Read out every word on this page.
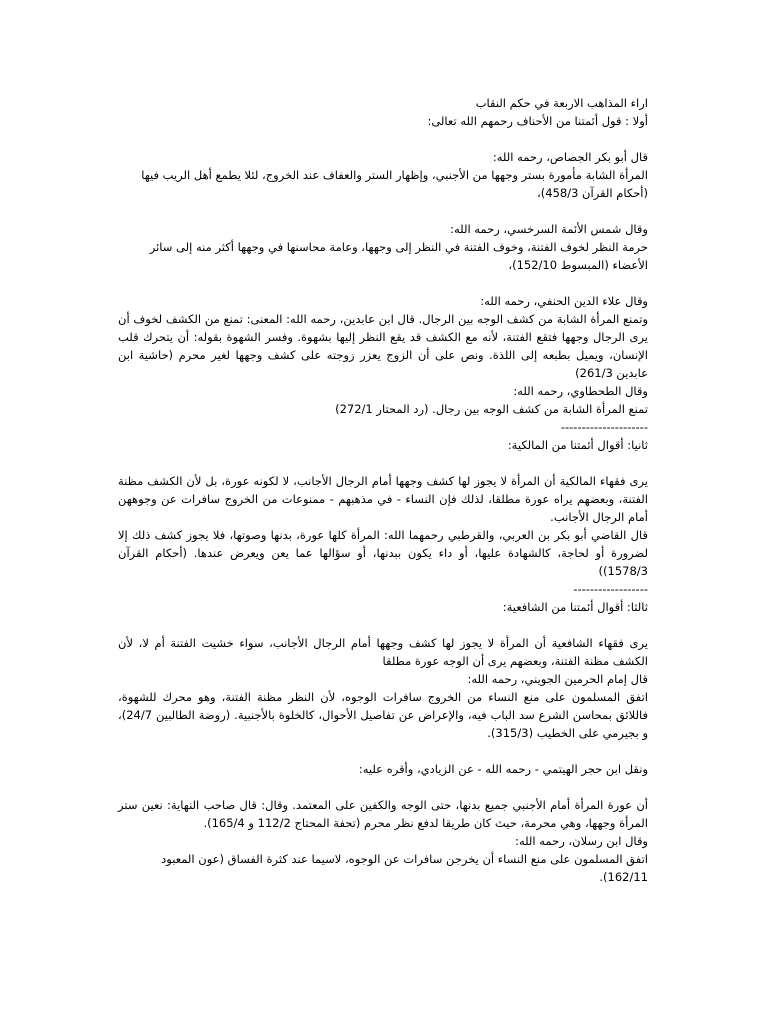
اراء المذاهب الاربعة في حكم النقاب
أولا : قول أئمتنا من الأحناف رحمهم الله تعالى:
قال أبو بكر الجصاص، رحمه الله:
المرأة الشابة مأمورة بستر وجهها من الأجنبي، وإظهار الستر والعفاف عند الخروج، لئلا يطمع أهل الريب فيها (أحكام القرآن 458/3)،
وقال شمس الأئمة السرخسي، رحمه الله:
حرمة النظر لخوف الفتنة، وخوف الفتنة في النظر إلى وجهها، وعامة محاسنها في وجهها أكثر منه إلى سائر الأعضاء (المبسوط 152/10)،
وقال علاء الدين الحنفي، رحمه الله:
وتمنع المرأة الشابة من كشف الوجه بين الرجال. قال ابن عابدين، رحمه الله: المعنى: تمنع من الكشف لخوف أن يرى الرجال وجهها فتقع الفتنة، لأنه مع الكشف قد يقع النظر إليها بشهوة. وفسر الشهوة بقوله: أن يتحرك قلب الإنسان، ويميل بطبعه إلى اللذة. ونص على أن الزوج يعزر زوجته على كشف وجهها لغير محرم (حاشية ابن عابدين 261/3)
وقال الطحطاوي، رحمه الله:
تمنع المرأة الشابة من كشف الوجه بين رجال. (رد المحتار 272/1)
---------------------
ثانيا: أقوال أئمتنا من المالكية:
يرى فقهاء المالكية أن المرأة لا يجوز لها كشف وجهها أمام الرجال الأجانب، لا لكونه عورة، بل لأن الكشف مظنة الفتنة، وبعضهم يراه عورة مطلقا، لذلك فإن النساء - في مذهبهم - ممنوعات من الخروج سافرات عن وجوههن أمام الرجال الأجانب.
قال القاضي أبو بكر بن العربي، والقرطبي رحمهما الله: المرأة كلها عورة، بدنها وصوتها، فلا يجوز كشف ذلك إلا لضرورة أو لحاجة، كالشهادة عليها، أو داء يكون ببدنها، أو سؤالها عما يعن ويعرض عندها. (أحكام القرآن 1578/3))
------------------
ثالثا: أقوال أئمتنا من الشافعية:
يرى فقهاء الشافعية أن المرأة لا يجوز لها كشف وجهها أمام الرجال الأجانب، سواء خشيت الفتنة أم لا، لأن الكشف مظنة الفتنة، وبعضهم يرى أن الوجه عورة مطلقا
قال إمام الحرمين الجويني، رحمه الله:
اتفق المسلمون على منع النساء من الخروج سافرات الوجوه، لأن النظر مظنة الفتنة، وهو محرك للشهوة، فاللائق بمحاسن الشرع سد الباب فيه، والإعراض عن تفاصيل الأحوال، كالخلوة بالأجنبية. (روضة الطالبين 24/7)، و بجيرمي على الخطيب (315/3).
ونقل ابن حجر الهيتمي - رحمه الله - عن الزيادي، وأقره عليه:
أن عورة المرأة أمام الأجنبي جميع بدنها، حتى الوجه والكفين على المعتمد. وقال: قال صاحب النهاية: نعين ستر المرأة وجهها، وهي محرمة، حيث كان طريقا لدفع نظر محرم (تحفة المحتاج 112/2 و 165/4).
وقال ابن رسلان، رحمه الله:
اتفق المسلمون على منع النساء أن يخرجن سافرات عن الوجوه، لاسيما عند كثرة الفساق (عون المعبود 162/11).
